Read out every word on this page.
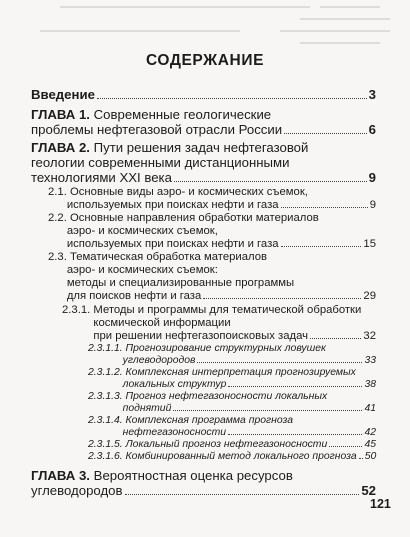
СОДЕРЖАНИЕ
Введение	3
ГЛАВА 1. Современные геологические
проблемы нефтегазовой отрасли России	6
ГЛАВА 2. Пути решения задач нефтегазовой
геологии современными дистанционными
технологиями XXI века	9
2.1. Основные виды аэро- и космических съемок,
используемых при поисках нефти и газа	9
2.2. Основные направления обработки материалов
аэро- и космических съемок,
используемых при поисках нефти и газа	15
2.3. Тематическая обработка материалов
аэро- и космических съемок:
методы и специализированные программы
для поисков нефти и газа	29
2.3.1. Методы и программы для тематической обработки
космической информации
при решении нефтегазопоисковых задач	32
2.3.1.1. Прогнозирование структурных ловушек
углеводородов	33
2.3.1.2. Комплексная интерпретация прогнозируемых
локальных структур	38
2.3.1.3. Прогноз нефтегазоносности локальных
поднятий	41
2.3.1.4. Комплексная программа прогноза
нефтегазоносности	42
2.3.1.5. Локальный прогноз нефтегазоносности	45
2.3.1.6. Комбинированный метод локального прогноза 50
ГЛАВА 3. Вероятностная оценка ресурсов
углеводородов	52
121
